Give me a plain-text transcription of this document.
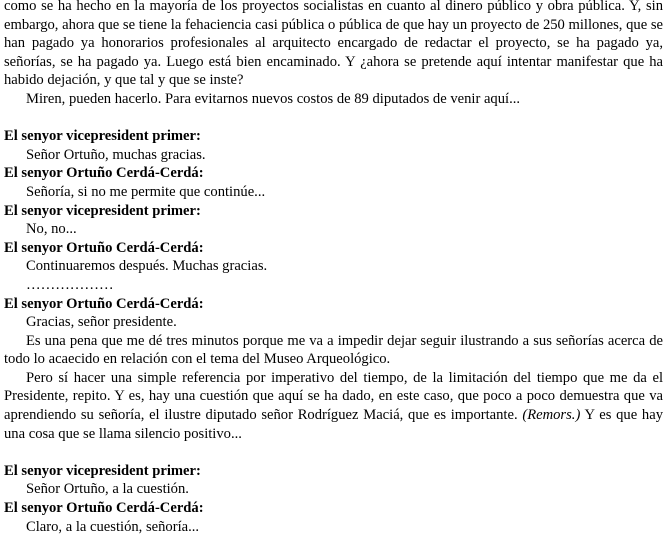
como se ha hecho en la mayoría de los proyectos socialistas en cuanto al dinero público y obra pública. Y, sin embargo, ahora que se tiene la fehaciencia casi pública o pública de que hay un proyecto de 250 millones, que se han pagado ya honorarios profesionales al arquitecto encargado de redactar el proyecto, se ha pagado ya, señorías, se ha pagado ya. Luego está bien encaminado. Y ¿ahora se pretende aquí intentar manifestar que ha habido dejación, y que tal y que se inste?

Miren, pueden hacerlo. Para evitarnos nuevos costos de 89 diputados de venir aquí...

El senyor vicepresident primer:

Señor Ortuño, muchas gracias.

El senyor Ortuño Cerdá-Cerdá:

Señoría, si no me permite que continúe...

El senyor vicepresident primer:

No, no...

El senyor Ortuño Cerdá-Cerdá:

Continuaremos después. Muchas gracias.

………………

El senyor Ortuño Cerdá-Cerdá:

Gracias, señor presidente.

Es una pena que me dé tres minutos porque me va a impedir dejar seguir ilustrando a sus señorías acerca de todo lo acaecido en relación con el tema del Museo Arqueológico.

Pero sí hacer una simple referencia por imperativo del tiempo, de la limitación del tiempo que me da el Presidente, repito. Y es, hay una cuestión que aquí se ha dado, en este caso, que poco a poco demuestra que va aprendiendo su señoría, el ilustre diputado señor Rodríguez Maciá, que es importante. (Remors.) Y es que hay una cosa que se llama silencio positivo...

El senyor vicepresident primer:

Señor Ortuño, a la cuestión.

El senyor Ortuño Cerdá-Cerdá:

Claro, a la cuestión, señoría...
